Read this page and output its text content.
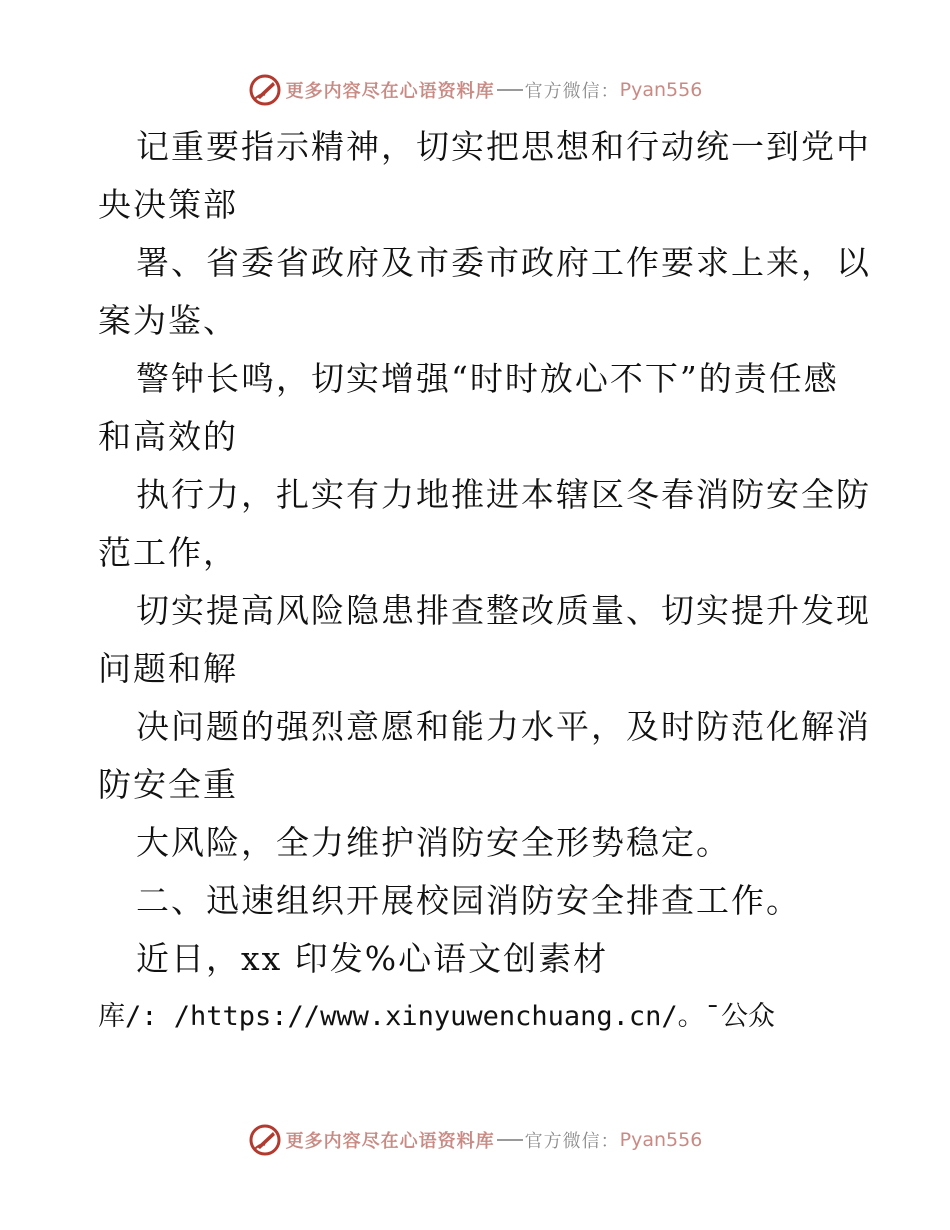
更多内容尽在心语资料库 官方微信： Pyan556
记重要指示精神，切实把思想和行动统一到党中
央决策部
署、省委省政府及市委市政府工作要求上来，以
案为鉴、
警钟长鸣，切实增强“时时放心不下”的责任感
和高效的
执行力，扎实有力地推进本辖区冬春消防安全防
范工作，
切实提高风险隐患排查整改质量、切实提升发现
问题和解
决问题的强烈意愿和能力水平，及时防范化解消
防安全重
大风险，全力维护消防安全形势稳定。
二、迅速组织开展校园消防安全排查工作。
近日，xx 印发%心语文创素材
库/: /https://www.xinyuwenchuang.cn/。¯公众
更多内容尽在心语资料库 官方微信： Pyan556
